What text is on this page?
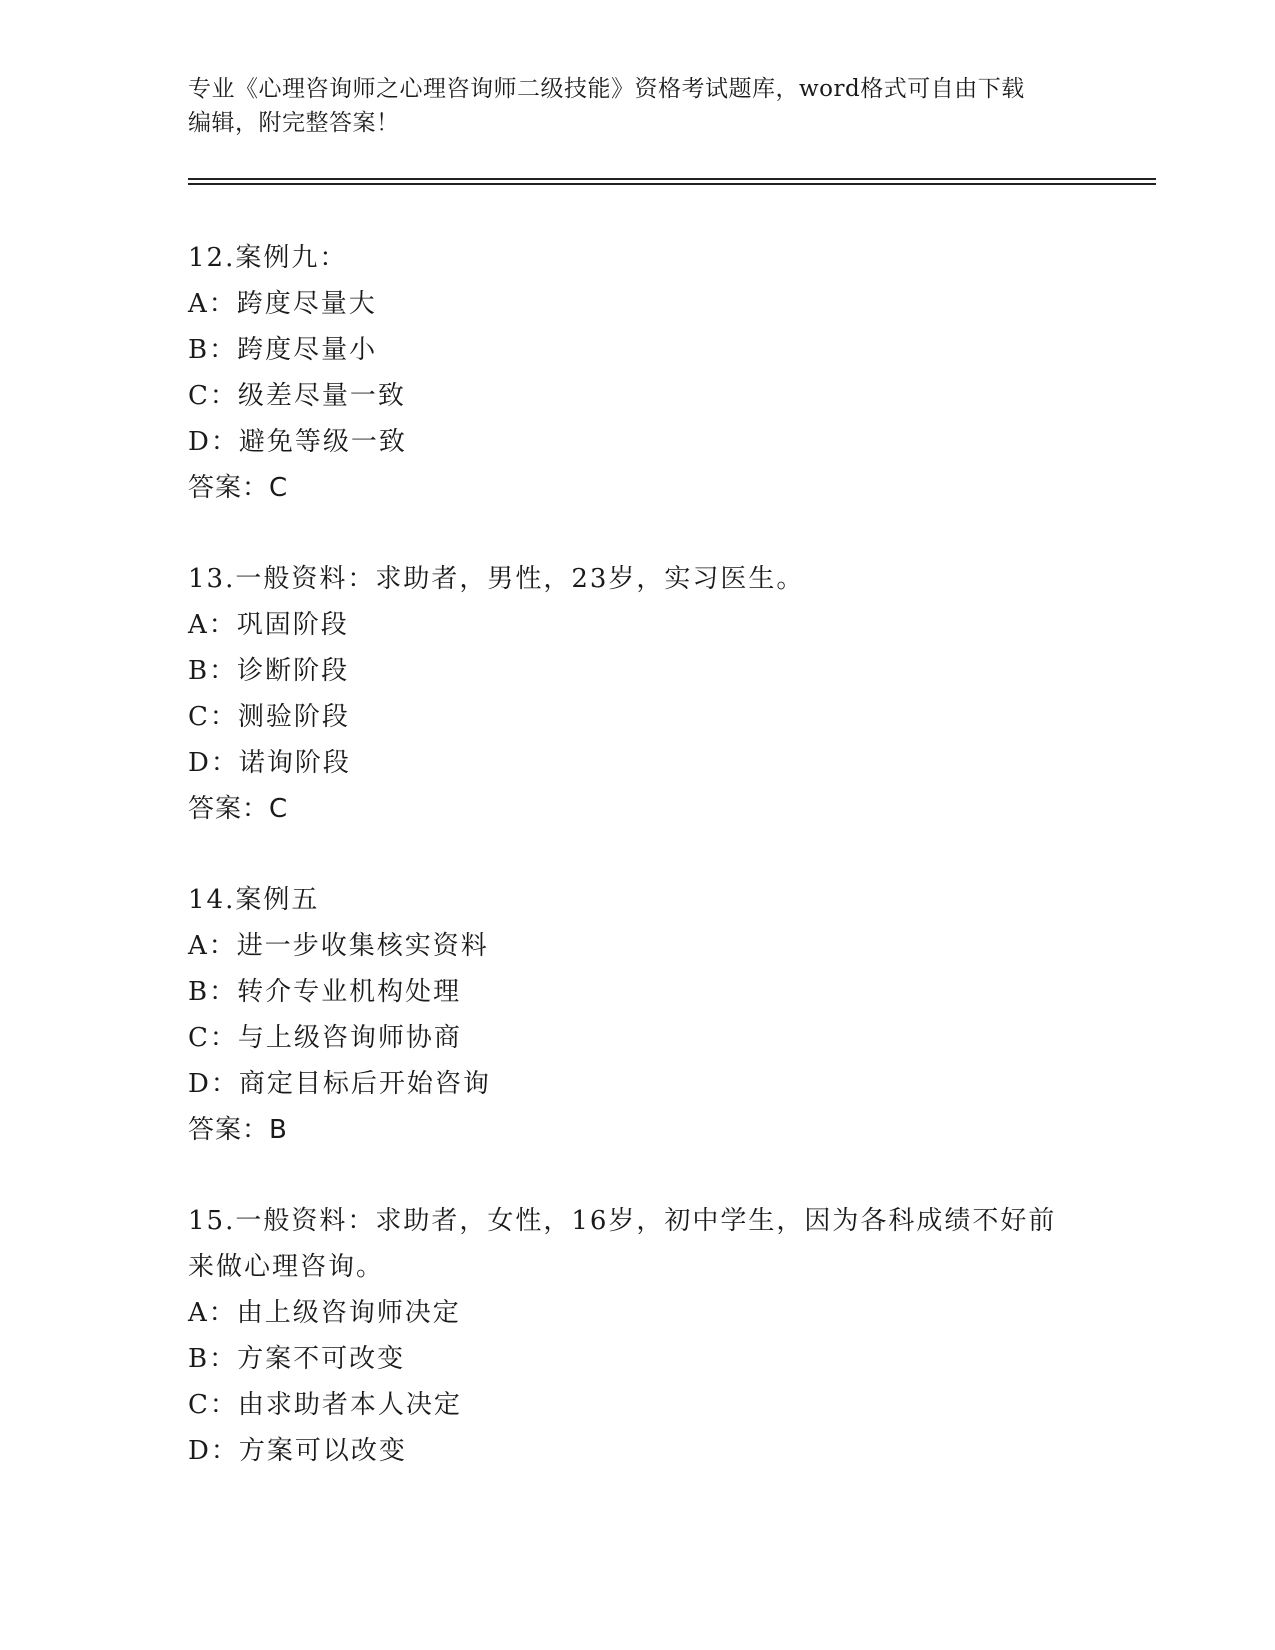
专业《心理咨询师之心理咨询师二级技能》资格考试题库，word格式可自由下载
编辑，附完整答案！
12.案例九：
A：跨度尽量大
B：跨度尽量小
C：级差尽量一致
D：避免等级一致
答案：C
13.一般资料：求助者，男性，23岁，实习医生。
A：巩固阶段
B：诊断阶段
C：测验阶段
D：诺询阶段
答案：C
14.案例五
A：进一步收集核实资料
B：转介专业机构处理
C：与上级咨询师协商
D：商定目标后开始咨询
答案：B
15.一般资料：求助者，女性，16岁，初中学生，因为各科成绩不好前
来做心理咨询。
A：由上级咨询师决定
B：方案不可改变
C：由求助者本人决定
D：方案可以改变
